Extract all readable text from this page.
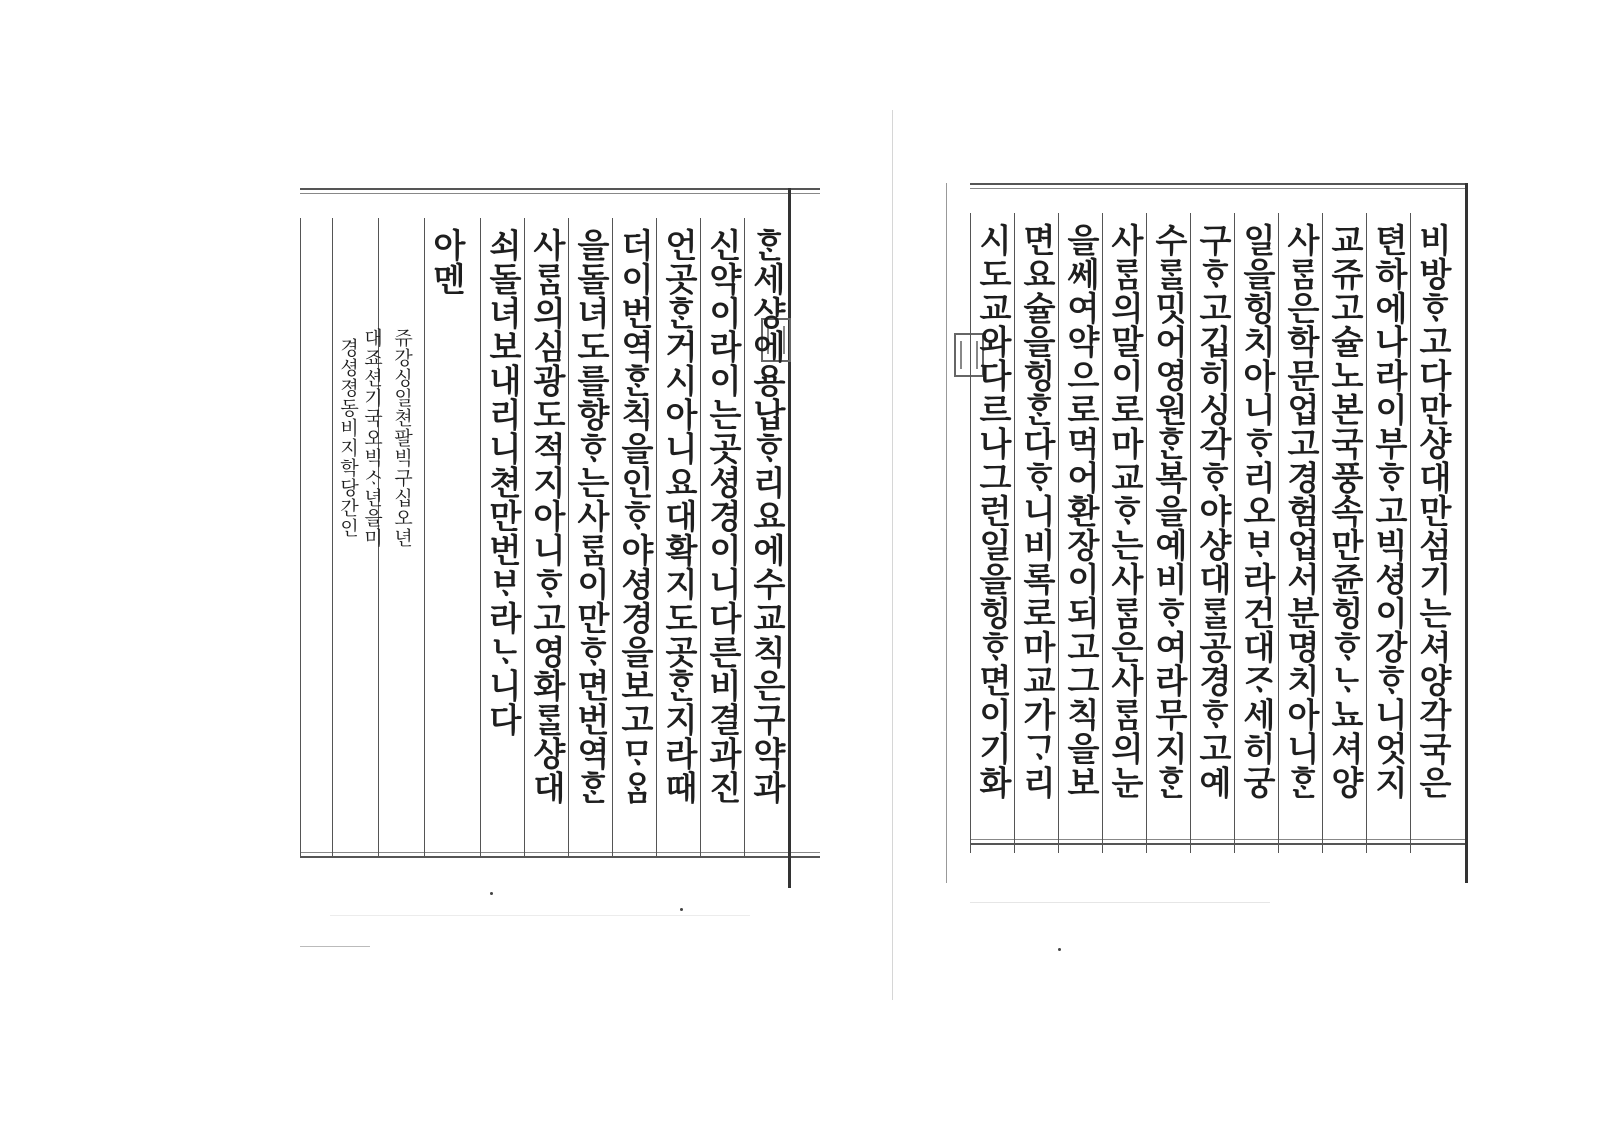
ᄒᆞᆫ세샹에용납ᄒᆞ리요에수교칙은구약과
신약이라이는곳셩경이니다른비결과진
언곳ᄒᆞᆫ거시아니요대확지도곳ᄒᆞᆫ지라때
더이번역ᄒᆞᆫ칙을인ᄒᆞ야셩경을보고ᄆᆞᄋᆞᆷ
을돌녀도를향ᄒᆞ는사ᄅᆞᆷ이만ᄒᆞ면번역ᄒᆞᆫ
사ᄅᆞᆷ의심광도적지아니ᄒᆞ고영화ᄅᆞᆯ샹대
쇠돌녀보내리니쳔만번ᄇᆞ라ᄂᆞ니다
아멘
쥬강싱일쳔팔빅구십오년
대죠션기국오빅ᄉᆞ년을미
경셩졍동비지학당간인	비방ᄒᆞ고다만샹대만섬기는셔양각국은
텬하에나라이부ᄒᆞ고빅셩이강ᄒᆞ니엇지
교쥬고슐노본국풍속만쥰힝ᄒᆞᄂᆞ뇨셔양
사ᄅᆞᆷ은학문업고경험업서분명치아니ᄒᆞᆫ
일을힝치아니ᄒᆞ리오ᄇᆞ라건대ᄌᆞ세히궁
구ᄒᆞ고깁히싱각ᄒᆞ야샹대ᄅᆞᆯ공경ᄒᆞ고예
수ᄅᆞᆯ밋어영원ᄒᆞᆫ복을예비ᄒᆞ여라무지ᄒᆞᆫ
사ᄅᆞᆷ의말이로마교ᄒᆞ는사ᄅᆞᆷ은사ᄅᆞᆷ의눈
을쎄여약으로먹어환장이되고그칙을보
면요슐을힝ᄒᆞᆫ다ᄒᆞ니비록로마교가ᄀᆞ리
시도교와다르나그런일을힝ᄒᆞ면이기화
